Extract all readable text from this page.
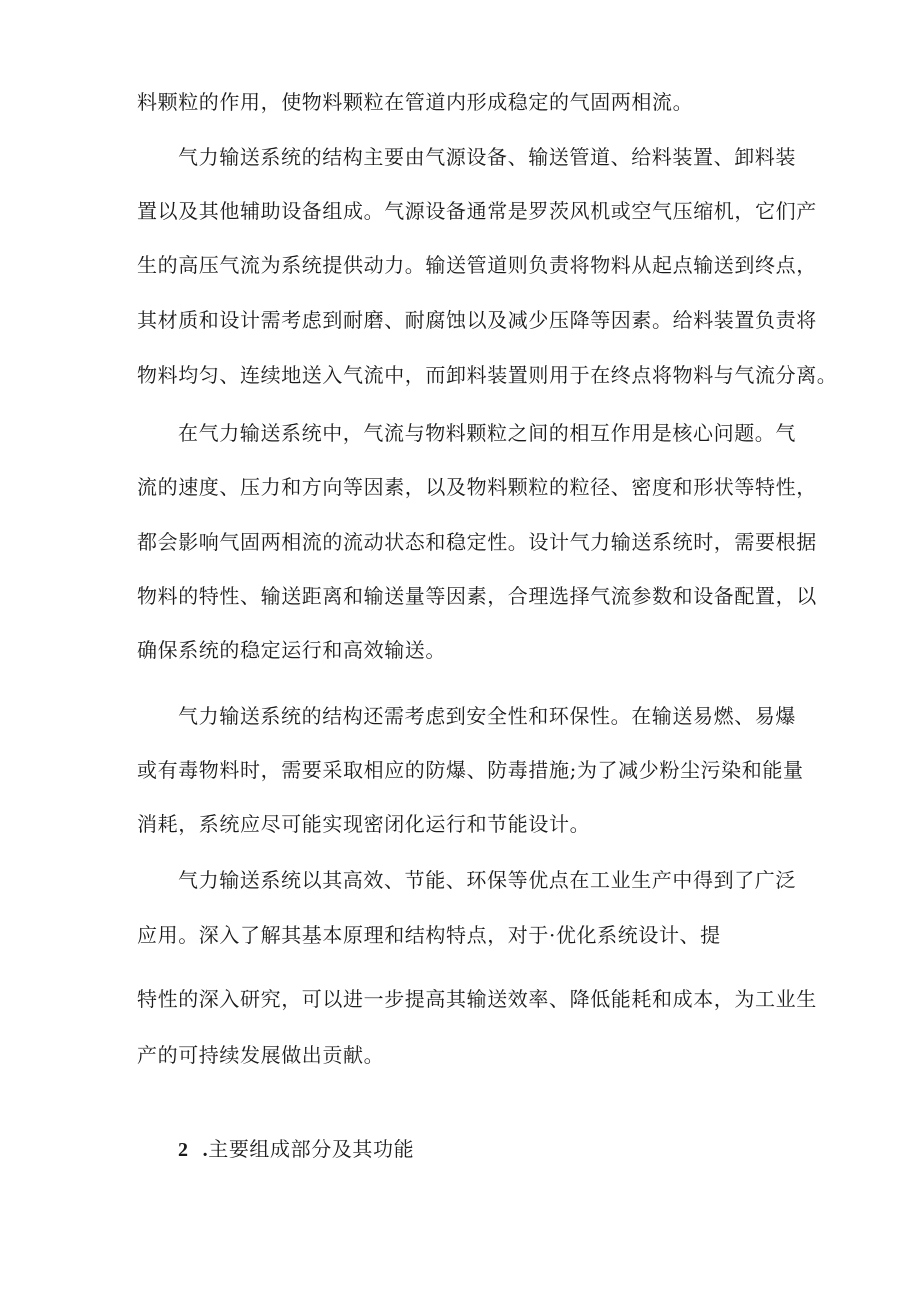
料颗粒的作用，使物料颗粒在管道内形成稳定的气固两相流。
气力输送系统的结构主要由气源设备、输送管道、给料装置、卸料装
置以及其他辅助设备组成。气源设备通常是罗茨风机或空气压缩机，它们产
生的高压气流为系统提供动力。输送管道则负责将物料从起点输送到终点，
其材质和设计需考虑到耐磨、耐腐蚀以及减少压降等因素。给料装置负责将
物料均匀、连续地送入气流中，而卸料装置则用于在终点将物料与气流分离。
在气力输送系统中，气流与物料颗粒之间的相互作用是核心问题。气
流的速度、压力和方向等因素，以及物料颗粒的粒径、密度和形状等特性，
都会影响气固两相流的流动状态和稳定性。设计气力输送系统时，需要根据
物料的特性、输送距离和输送量等因素，合理选择气流参数和设备配置，以
确保系统的稳定运行和高效输送。
气力输送系统的结构还需考虑到安全性和环保性。在输送易燃、易爆
或有毒物料时，需要采取相应的防爆、防毒措施;为了减少粉尘污染和能量
消耗，系统应尽可能实现密闭化运行和节能设计。
气力输送系统以其高效、节能、环保等优点在工业生产中得到了广泛
应用。深入了解其基本原理和结构特点，对于·优化系统设计、提
特性的深入研究，可以进一步提高其输送效率、降低能耗和成本，为工业生
产的可持续发展做出贡献。
2 .主要组成部分及其功能
